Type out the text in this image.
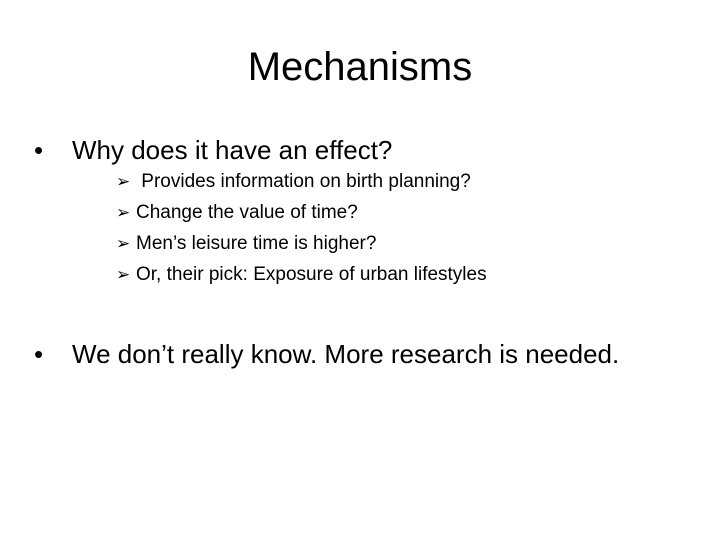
Mechanisms
•	Why does it have an effect?
➢ Provides information on birth planning?
➢ Change the value of time?
➢ Men’s leisure time is higher?
➢ Or, their pick: Exposure of urban lifestyles
•	We don’t really know. More research is needed.
